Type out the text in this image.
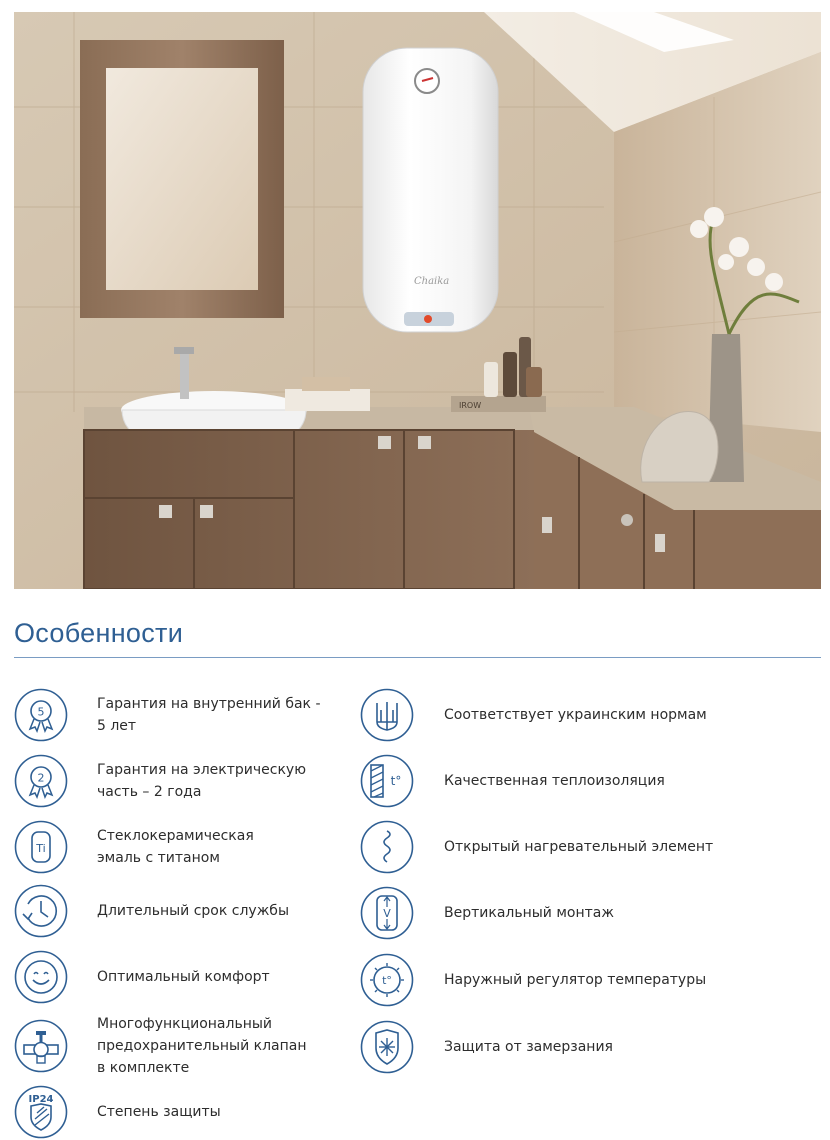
Chaika
IROW
Особенности
5	Гарантия на внутренний бак -
5 лет
2	Гарантия на электрическую
часть – 2 года
Ti
Стеклокерамическая
эмаль с титаном
Длительный срок службы
Оптимальный комфорт
Многофункциональный
предохранительный клапан
в комплекте
IP24
Степень защиты
Соответствует украинским нормам
t°	Качественная теплоизоляция
Открытый нагревательный элемент
V	Вертикальный монтаж
t°	Наружный регулятор температуры
Защита от замерзания
